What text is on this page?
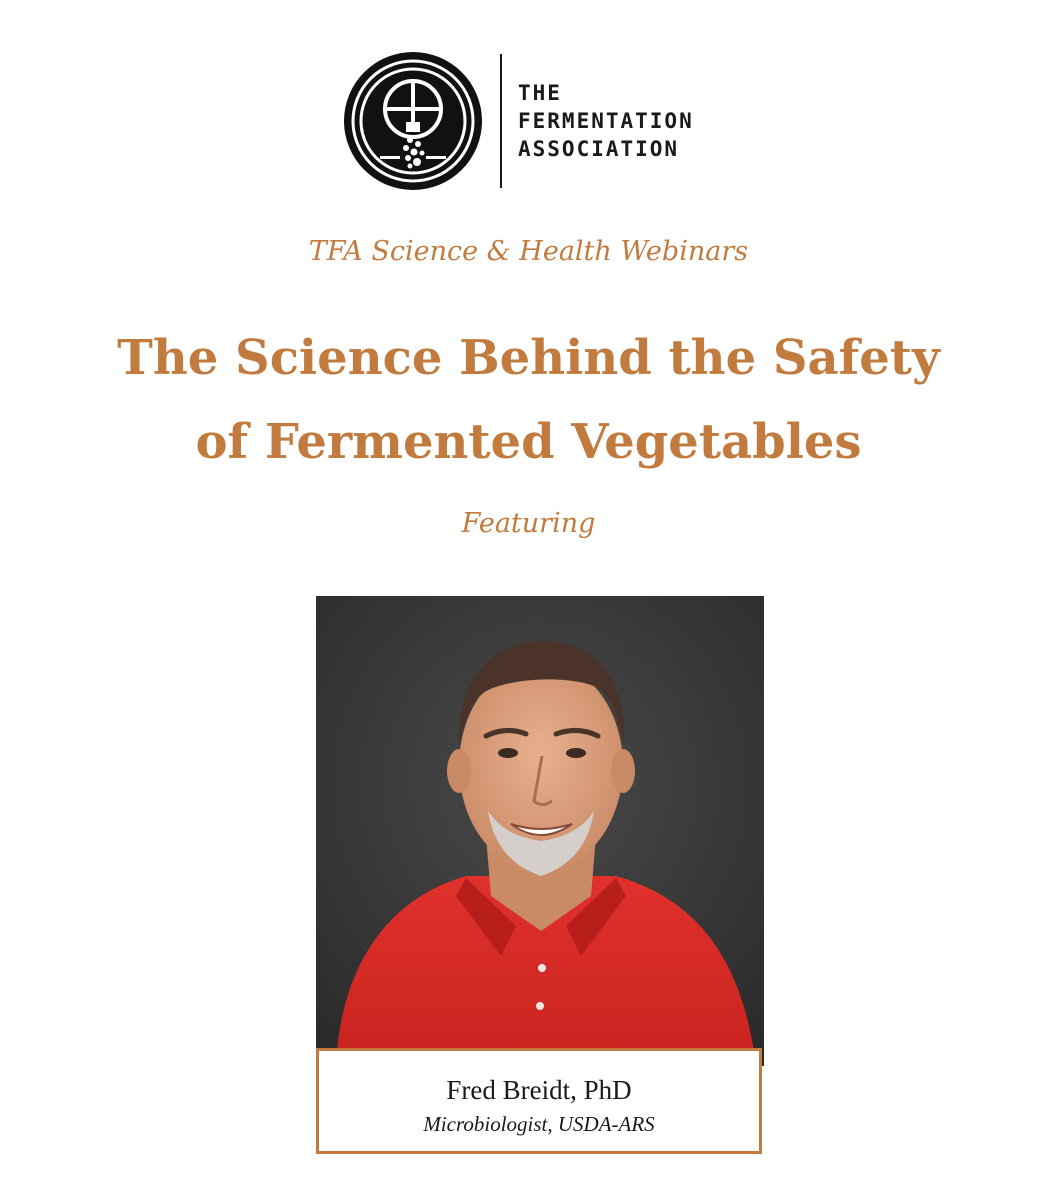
THE
FERMENTATION
ASSOCIATION
TFA Science & Health Webinars
The Science Behind the Safety
of Fermented Vegetables
Featuring
Fred Breidt, PhD
Microbiologist, USDA-ARS
